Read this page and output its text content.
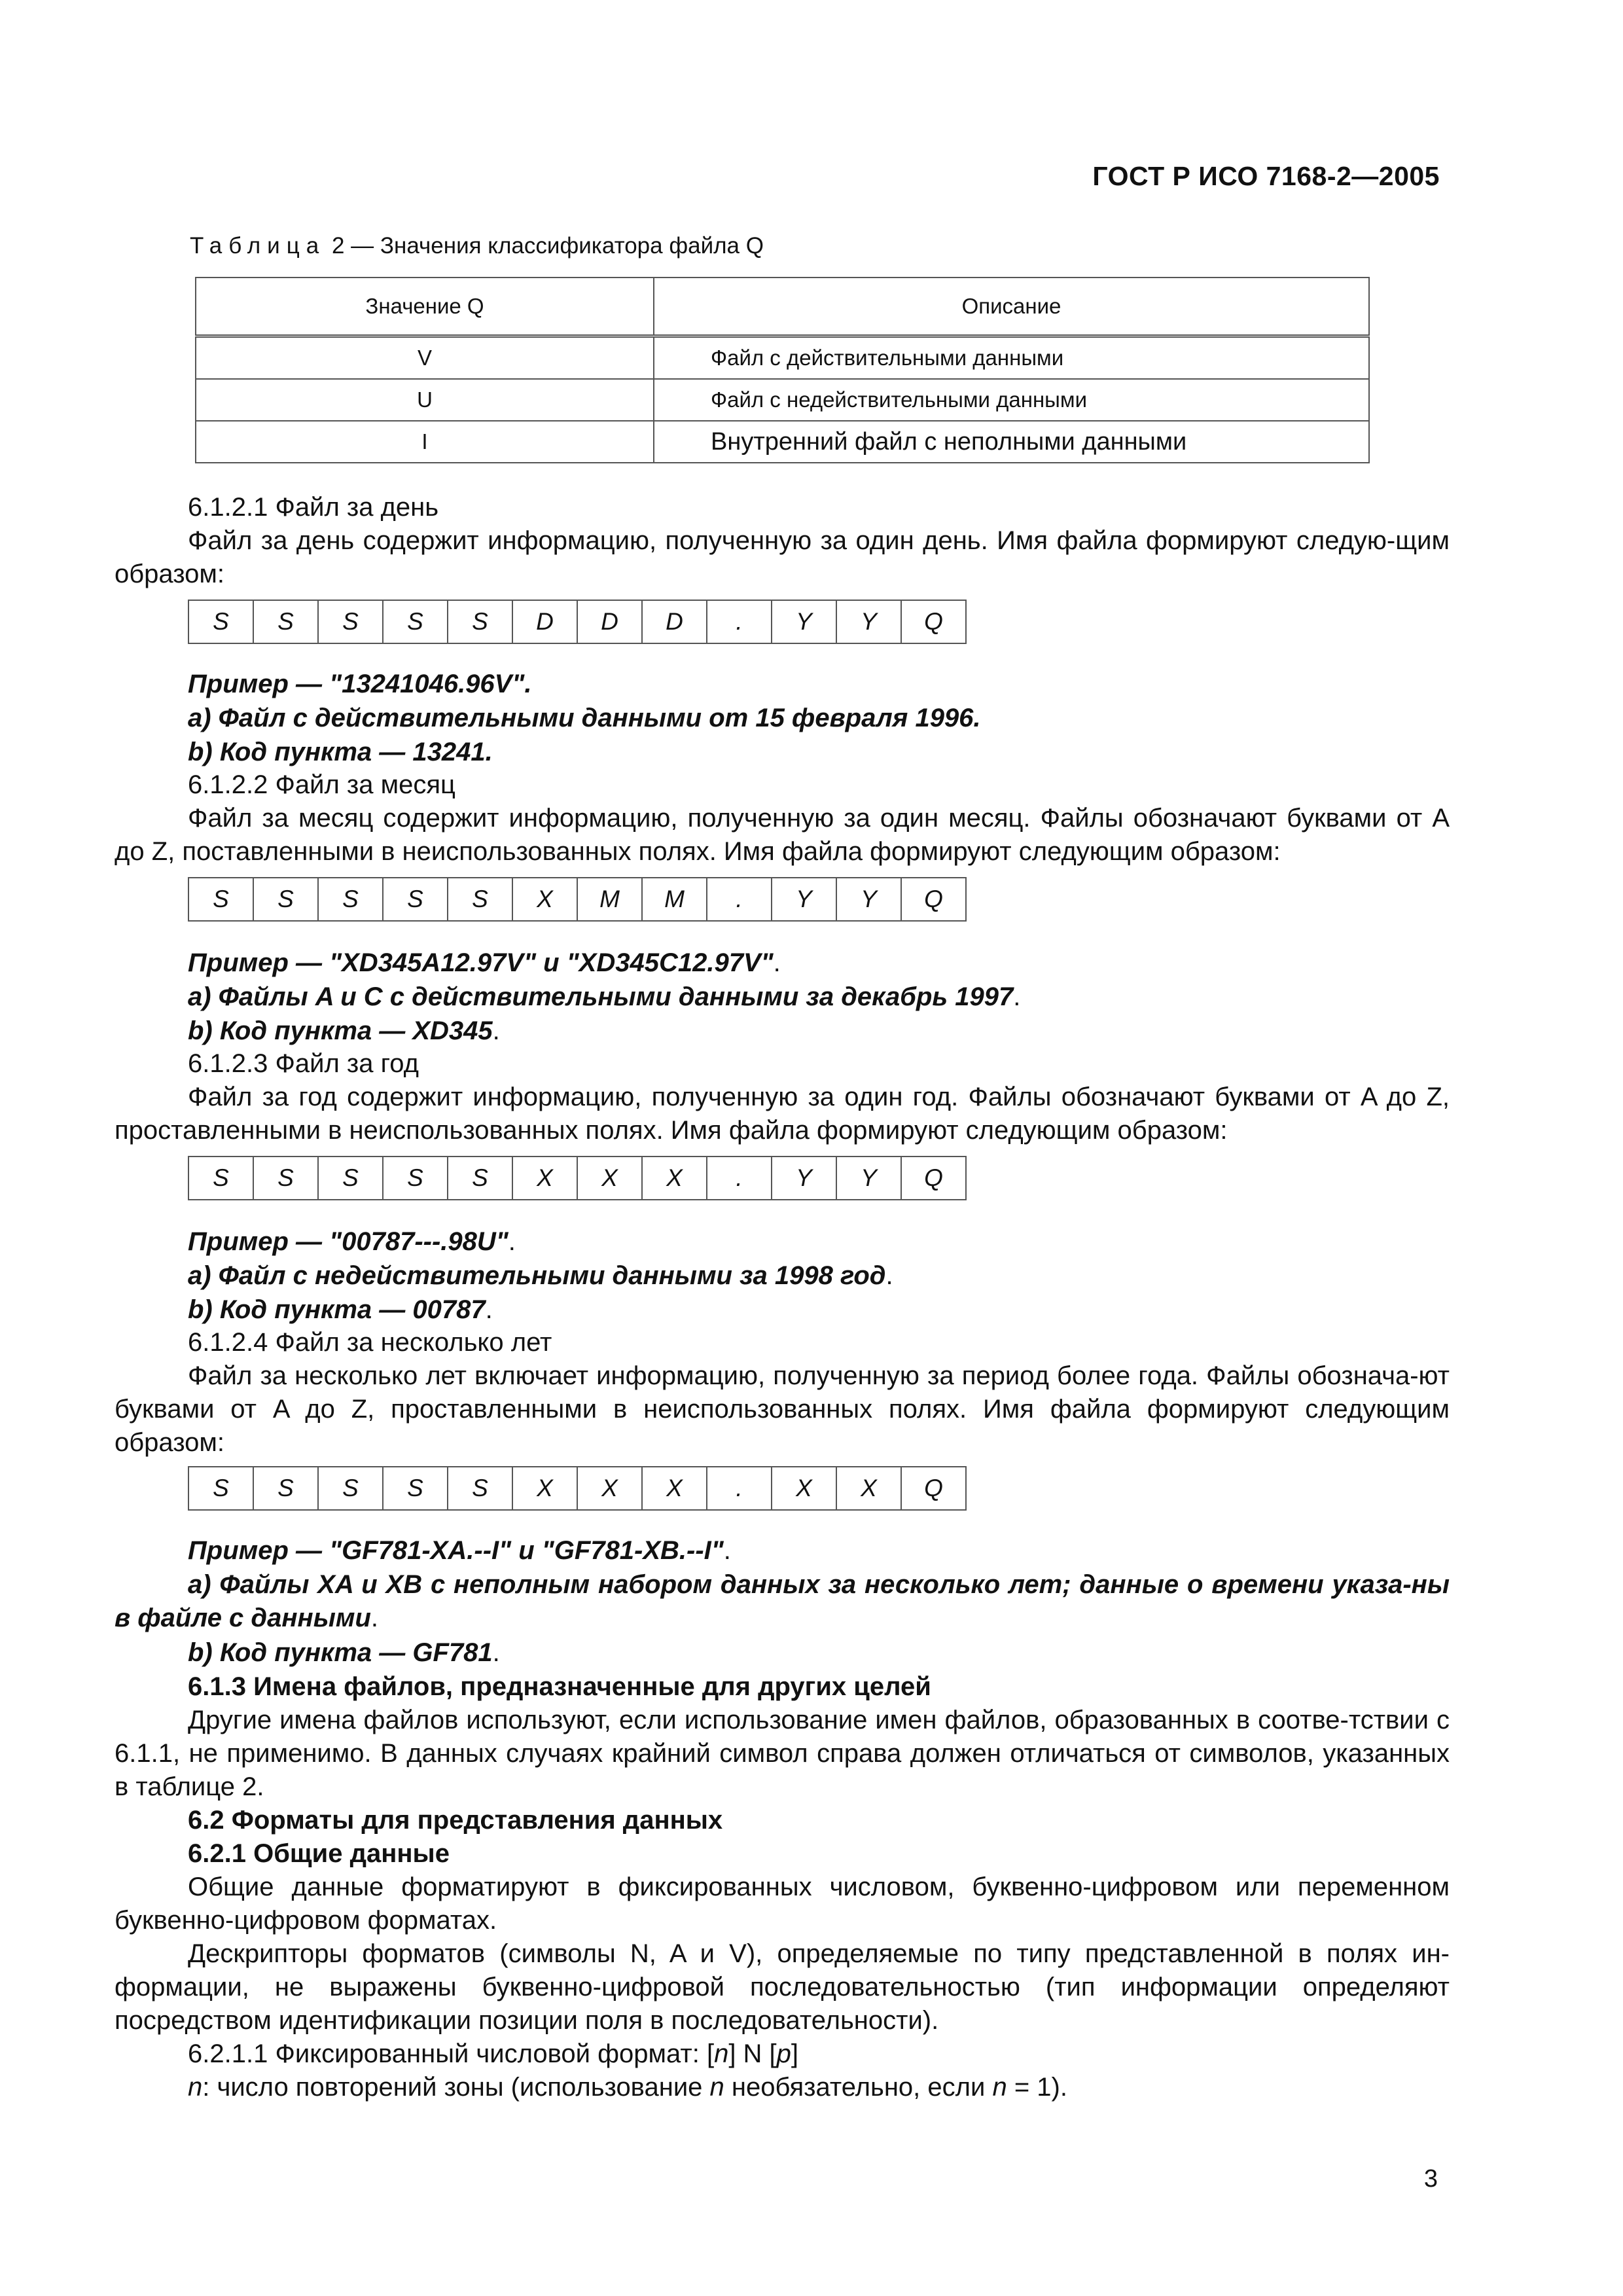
ГОСТ Р ИСО 7168-2—2005
Таблица 2 — Значения классификатора файла Q
Значение Q	Описание
V	Файл с действительными данными
U	Файл с недействительными данными
I	Внутренний файл с неполными данными

6.1.2.1 Файл за день

Файл за день содержит информацию, полученную за один день. Имя файла формируют следую-щим образом:

S	S	S	S	S	D	D	D	.	Y	Y	Q
Пример — "13241046.96V".
a) Файл с действительными данными от 15 февраля 1996.
b) Код пункта — 13241.

6.1.2.2 Файл за месяц

Файл за месяц содержит информацию, полученную за один месяц. Файлы обозначают буквами от A до Z, поставленными в неиспользованных полях. Имя файла формируют следующим образом:

S	S	S	S	S	X	M	M	.	Y	Y	Q
Пример — "XD345A12.97V" и "XD345C12.97V".
a) Файлы A и C с действительными данными за декабрь 1997.
b) Код пункта — XD345.

6.1.2.3 Файл за год

Файл за год содержит информацию, полученную за один год. Файлы обозначают буквами от A до Z, проставленными в неиспользованных полях. Имя файла формируют следующим образом:

S	S	S	S	S	X	X	X	.	Y	Y	Q
Пример — "00787---.98U".
a) Файл с недействительными данными за 1998 год.
b) Код пункта — 00787.

6.1.2.4 Файл за несколько лет

Файл за несколько лет включает информацию, полученную за период более года. Файлы обознача-ют буквами от A до Z, проставленными в неиспользованных полях. Имя файла формируют следующим образом:

S	S	S	S	S	X	X	X	.	X	X	Q
Пример — "GF781-XA.--I" и "GF781-XB.--I".
a) Файлы XA и XB с неполным набором данных за несколько лет; данные о времени указа-ны в файле с данными.
b) Код пункта — GF781.
6.1.3 Имена файлов, предназначенные для других целей

Другие имена файлов используют, если использование имен файлов, образованных в соотве-тствии с 6.1.1, не применимо. В данных случаях крайний символ справа должен отличаться от символов, указанных в таблице 2.

6.2 Форматы для представления данных
6.2.1 Общие данные

Общие данные форматируют в фиксированных числовом, буквенно-цифровом или переменном буквенно-цифровом форматах.

Дескрипторы форматов (символы N, A и V), определяемые по типу представленной в полях ин-формации, не выражены буквенно-цифровой последовательностью (тип информации определяют посредством идентификации позиции поля в последовательности).

6.2.1.1 Фиксированный числовой формат: [n] N [p]

n: число повторений зоны (использование n необязательно, если n = 1).

3
